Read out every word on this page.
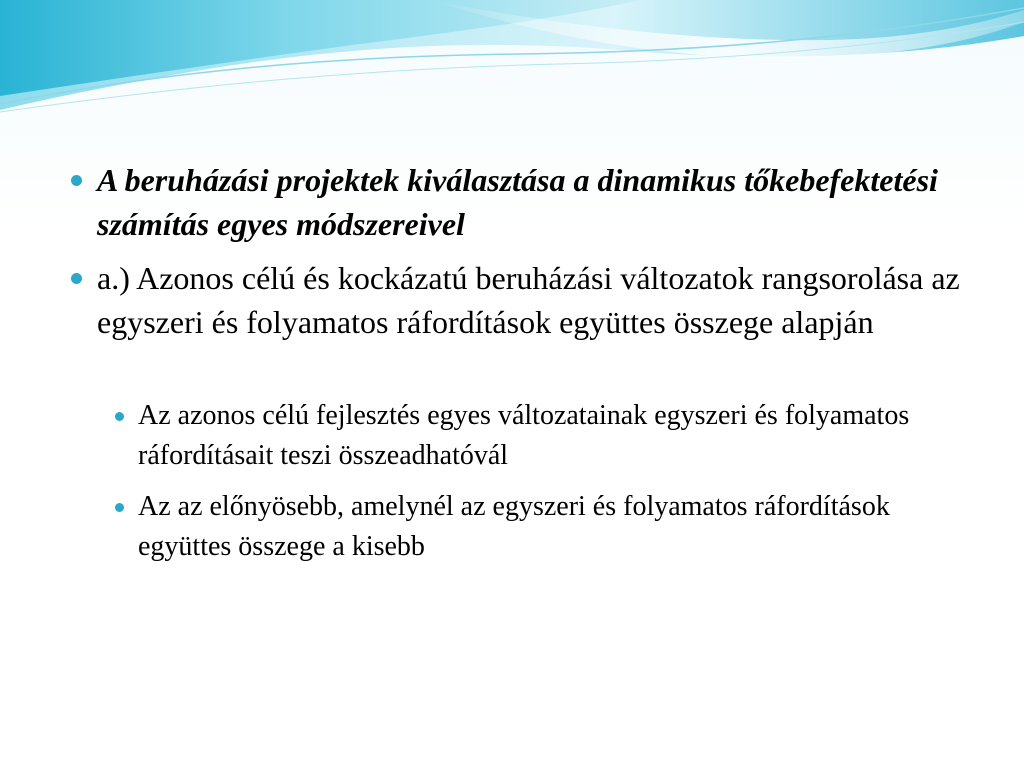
A beruházási projektek kiválasztása a dinamikus tőkebefektetési számítás egyes módszereivel

a.) Azonos célú és kockázatú beruházási változatok rangsorolása az egyszeri és folyamatos ráfordítások együttes összege alapján

Az azonos célú fejlesztés egyes változatainak egyszeri és folyamatos ráfordításait teszi összeadhatóvál

Az az előnyösebb, amelynél az egyszeri és folyamatos ráfordítások együttes összege a kisebb
